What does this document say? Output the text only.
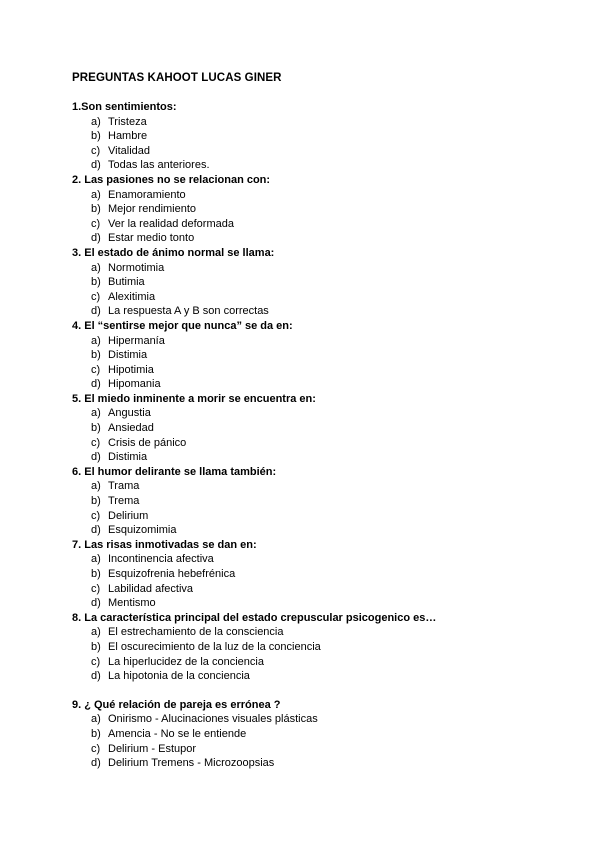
PREGUNTAS KAHOOT LUCAS GINER
1.Son sentimientos:
a) Tristeza
b) Hambre
c) Vitalidad
d) Todas las anteriores.
2. Las pasiones no se relacionan con:
a) Enamoramiento
b) Mejor rendimiento
c) Ver la realidad deformada
d) Estar medio tonto
3. El estado de ánimo normal se llama:
a) Normotimia
b) Butimia
c) Alexitimia
d) La respuesta A y B son correctas
4. El “sentirse mejor que nunca” se da en:
a) Hipermanía
b) Distimia
c) Hipotimia
d) Hipomania
5. El miedo inminente a morir se encuentra en:
a) Angustia
b) Ansiedad
c) Crisis de pánico
d) Distimia
6. El humor delirante se llama también:
a) Trama
b) Trema
c) Delirium
d) Esquizomimia
7. Las risas inmotivadas se dan en:
a) Incontinencia afectiva
b) Esquizofrenia hebefrénica
c) Labilidad afectiva
d) Mentismo
8. La característica principal del estado crepuscular psicogenico es…
a) El estrechamiento de la consciencia
b) El oscurecimiento de la luz de la conciencia
c) La hiperlucidez de la conciencia
d) La hipotonia de la conciencia
9. ¿ Qué relación de pareja es errónea ?
a) Onirismo - Alucinaciones visuales plásticas
b) Amencia - No se le entiende
c) Delirium - Estupor
d) Delirium Tremens - Microzoopsias
